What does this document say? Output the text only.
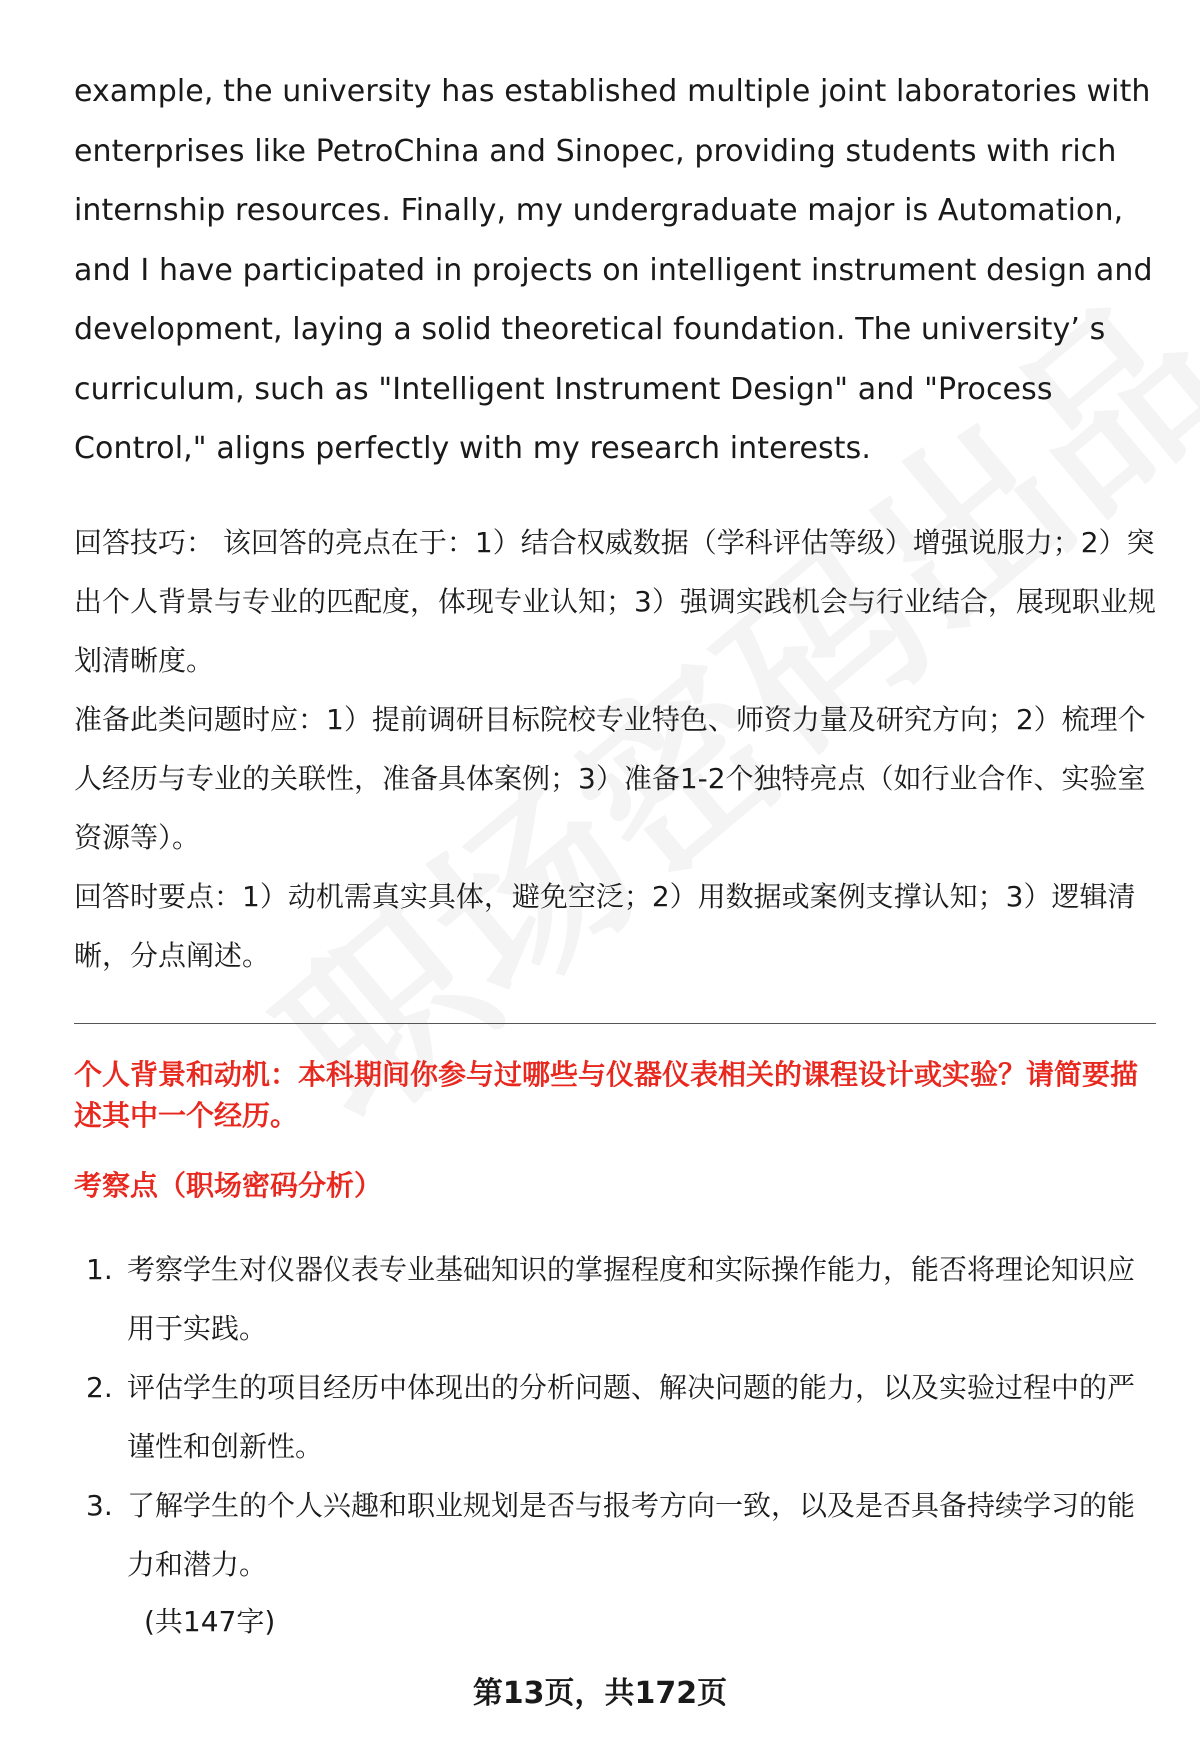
example, the university has established multiple joint laboratories with enterprises like PetroChina and Sinopec, providing students with rich internship resources. Finally, my undergraduate major is Automation, and I have participated in projects on intelligent instrument design and development, laying a solid theoretical foundation. The university’ s curriculum, such as "Intelligent Instrument Design" and "Process Control," aligns perfectly with my research interests.

回答技巧： 该回答的亮点在于：1）结合权威数据（学科评估等级）增强说服力；2）突出个人背景与专业的匹配度，体现专业认知；3）强调实践机会与行业结合，展现职业规划清晰度。

准备此类问题时应：1）提前调研目标院校专业特色、师资力量及研究方向；2）梳理个人经历与专业的关联性，准备具体案例；3）准备1-2个独特亮点（如行业合作、实验室资源等）。

回答时要点：1）动机需真实具体，避免空泛；2）用数据或案例支撑认知；3）逻辑清晰，分点阐述。

个人背景和动机：本科期间你参与过哪些与仪器仪表相关的课程设计或实验？请简要描述其中一个经历。

考察点（职场密码分析）

1. 考察学生对仪器仪表专业基础知识的掌握程度和实际操作能力，能否将理论知识应用于实践。
2. 评估学生的项目经历中体现出的分析问题、解决问题的能力，以及实验过程中的严谨性和创新性。
3. 了解学生的个人兴趣和职业规划是否与报考方向一致，以及是否具备持续学习的能力和潜力。

(共147字)

第13页，共172页
